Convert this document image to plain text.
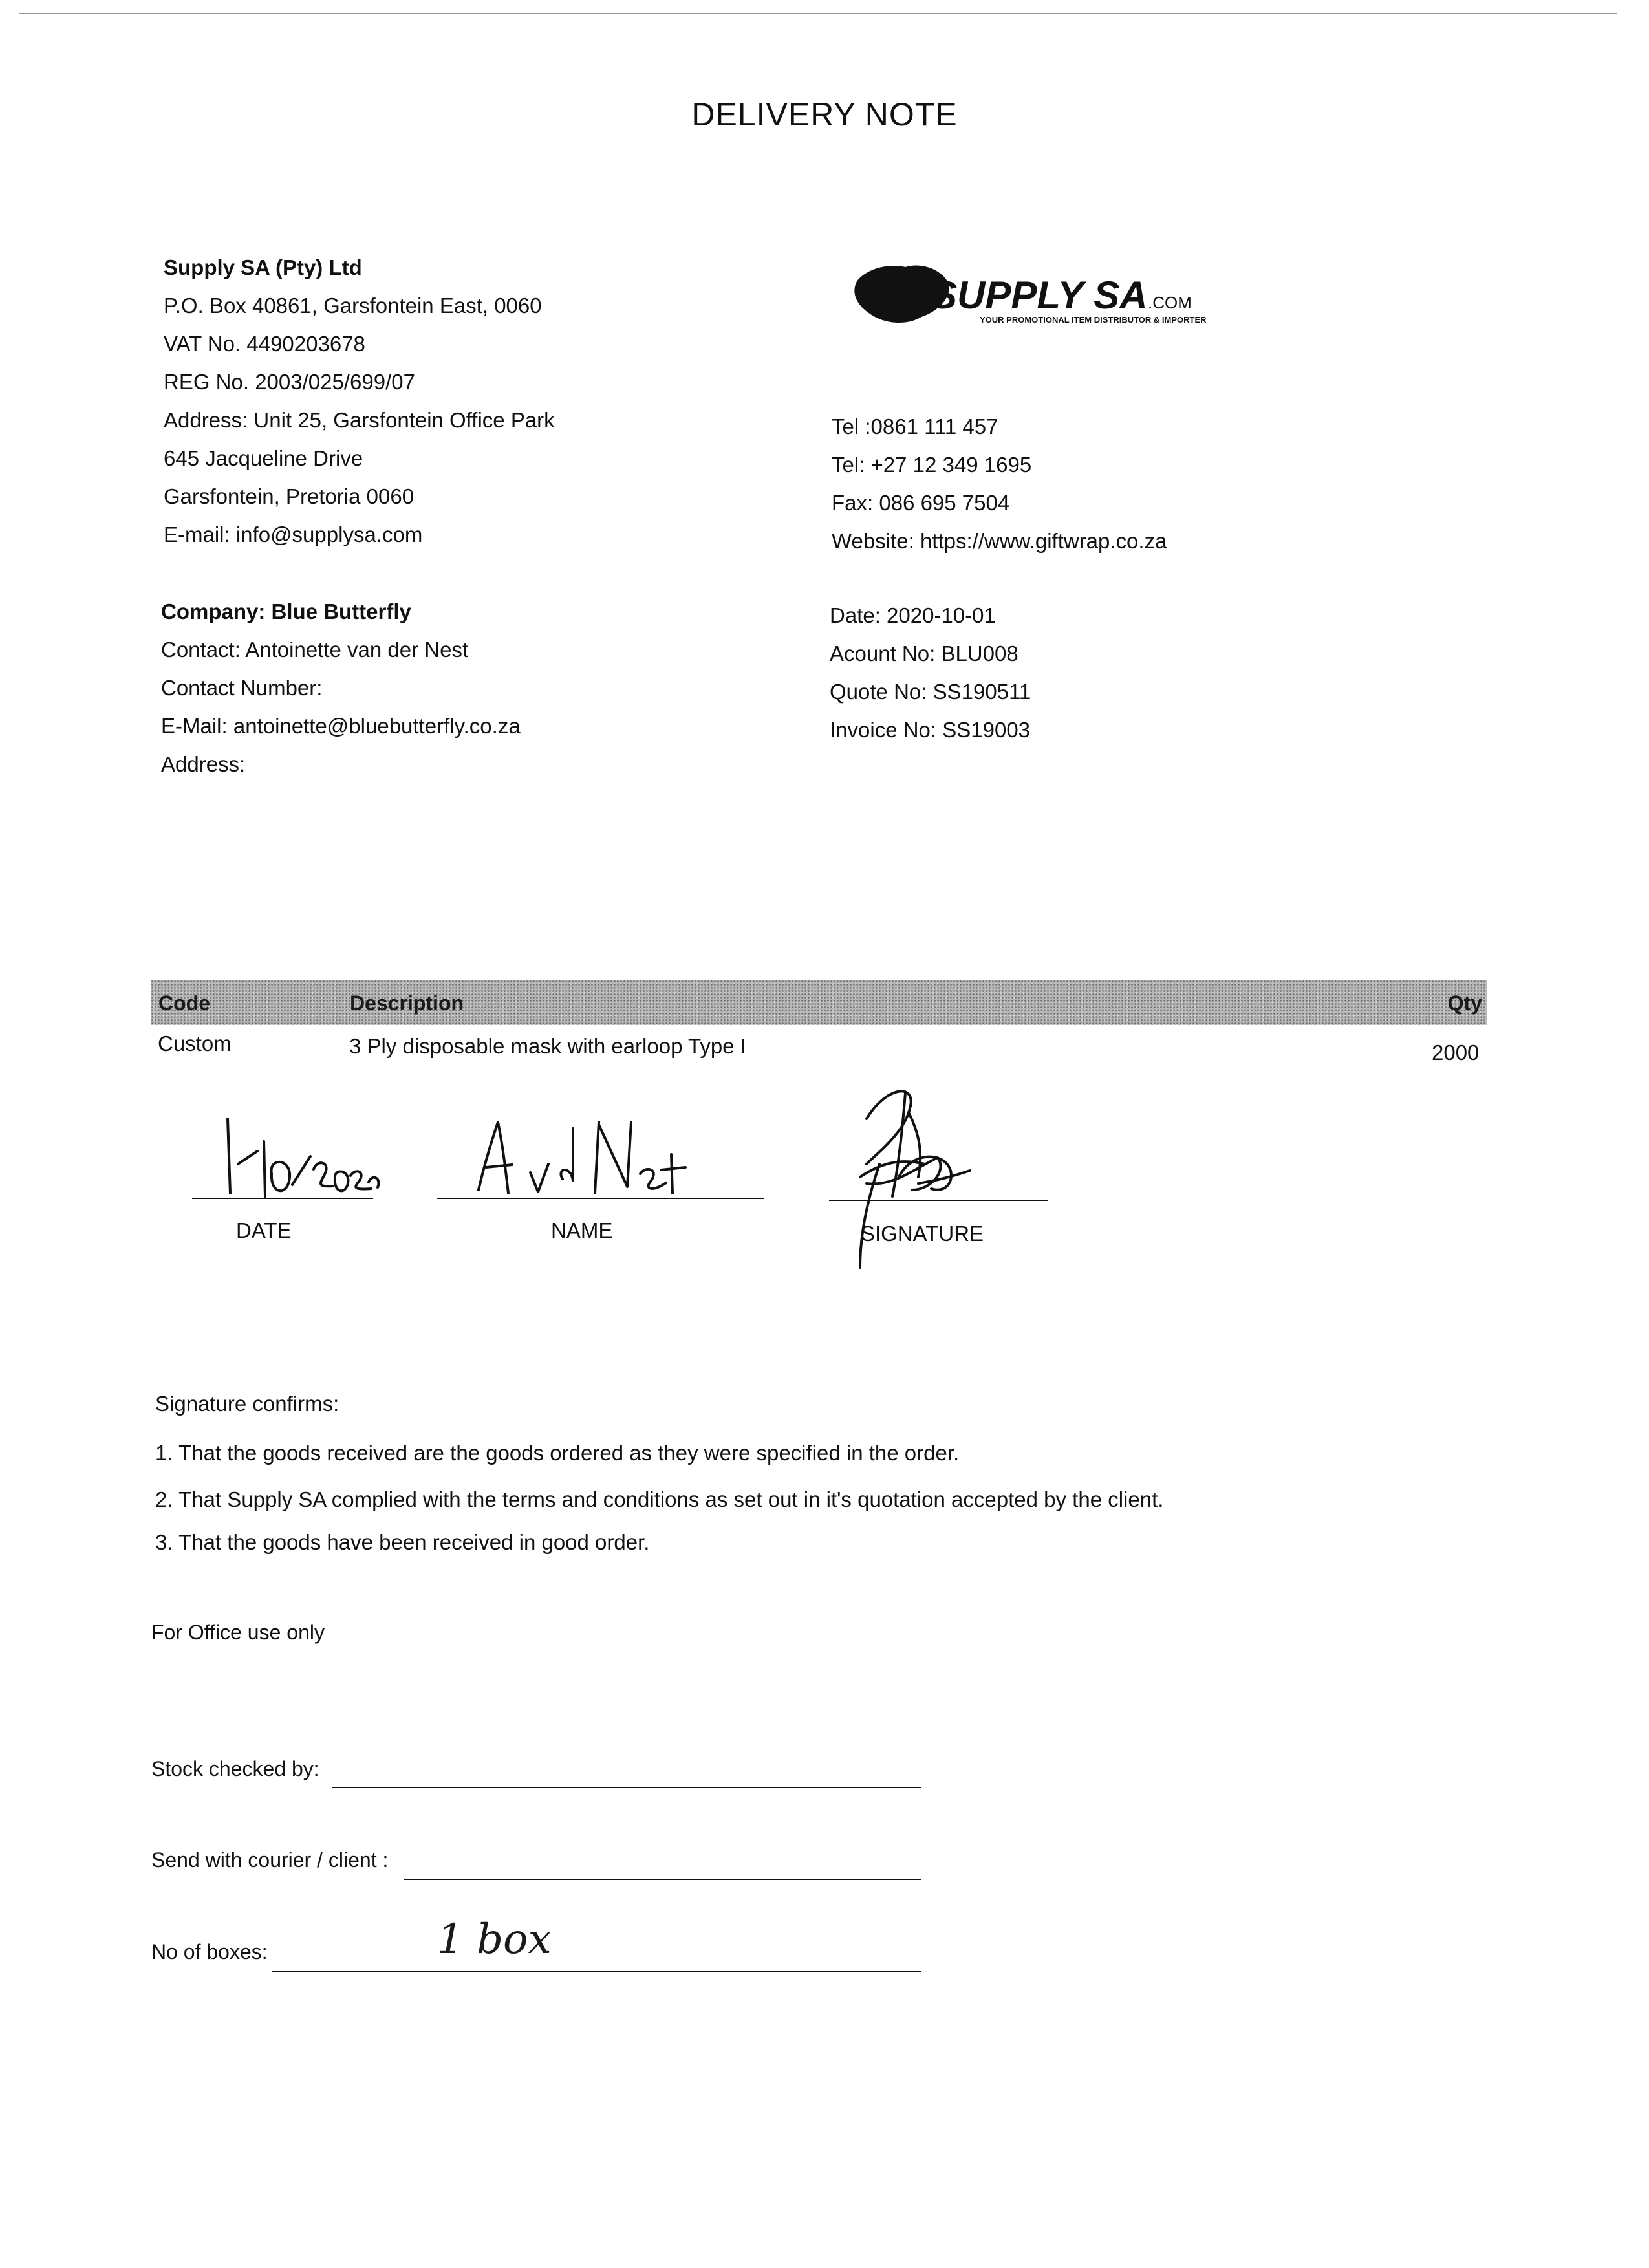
DELIVERY NOTE
Supply SA (Pty) Ltd
P.O. Box 40861, Garsfontein East, 0060
VAT No. 4490203678
REG No. 2003/025/699/07
Address: Unit 25, Garsfontein Office Park
645 Jacqueline Drive
Garsfontein, Pretoria 0060
E-mail: info@supplysa.com
SUPPLY SA .COM
YOUR PROMOTIONAL ITEM DISTRIBUTOR & IMPORTER
Tel :0861 111 457
Tel: +27 12 349 1695
Fax: 086 695 7504
Website: https://www.giftwrap.co.za
Company: Blue Butterfly
Contact: Antoinette van der Nest
Contact Number:
E-Mail: antoinette@bluebutterfly.co.za
Address:
Date: 2020-10-01
Acount No: BLU008
Quote No: SS190511
Invoice No: SS19003
Code	Description	Qty
Custom	3 Ply disposable mask with earloop Type I	2000
DATE	NAME	SIGNATURE
Signature confirms:
1. That the goods received are the goods ordered as they were specified in the order.
2. That Supply SA complied with the terms and conditions as set out in it's quotation accepted by the client.
3. That the goods have been received in good order.
For Office use only
Stock checked by:
Send with courier / client :
No of boxes:	1 box
